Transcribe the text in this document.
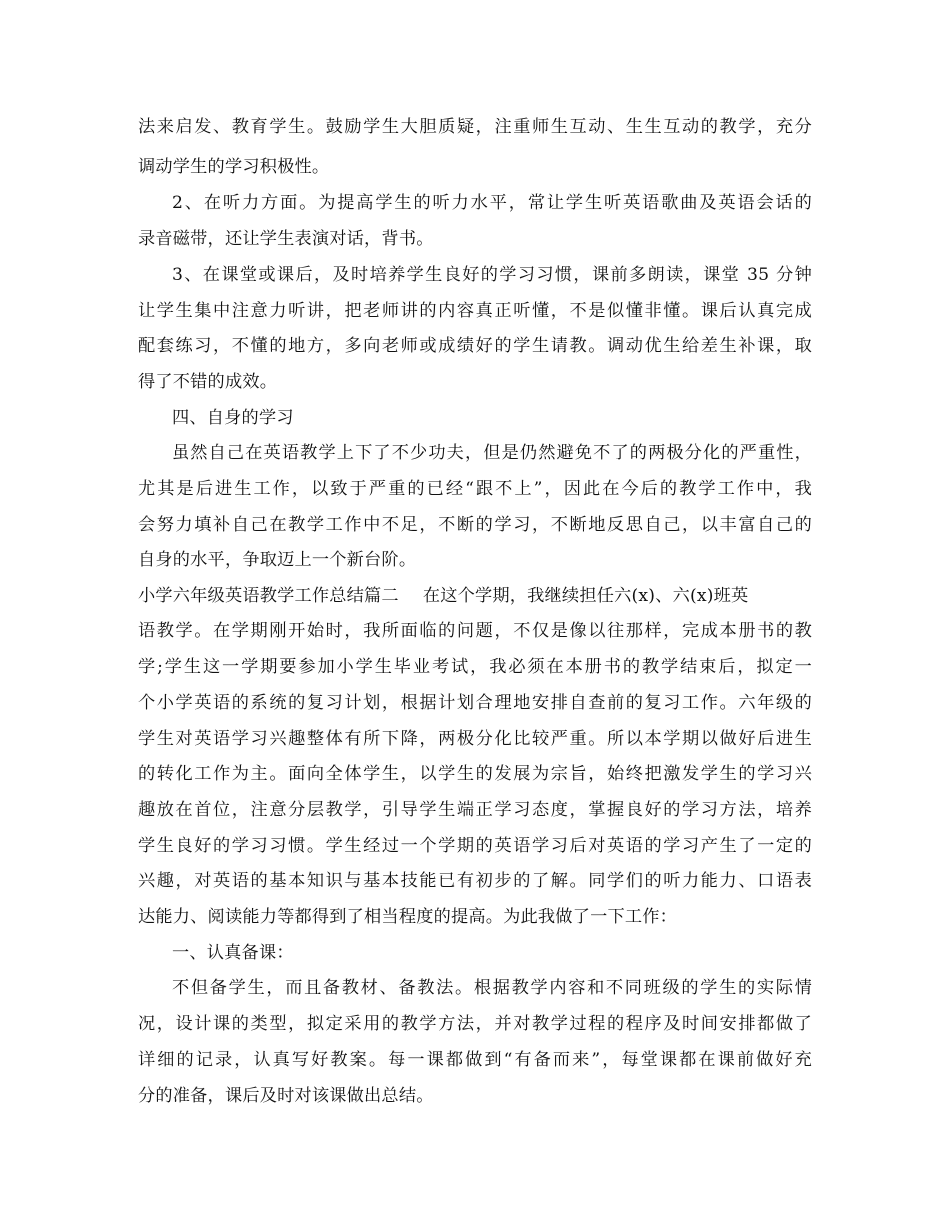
法来启发、教育学生。鼓励学生大胆质疑，注重师生互动、生生互动的教学，充分
调动学生的学习积极性。
2、在听力方面。为提高学生的听力水平，常让学生听英语歌曲及英语会话的
录音磁带，还让学生表演对话，背书。
3、在课堂或课后，及时培养学生良好的学习习惯，课前多朗读，课堂 35 分钟
让学生集中注意力听讲，把老师讲的内容真正听懂，不是似懂非懂。课后认真完成
配套练习，不懂的地方，多向老师或成绩好的学生请教。调动优生给差生补课，取
得了不错的成效。
四、自身的学习
虽然自己在英语教学上下了不少功夫，但是仍然避免不了的两极分化的严重性，
尤其是后进生工作，以致于严重的已经“跟不上”，因此在今后的教学工作中，我
会努力填补自己在教学工作中不足，不断的学习，不断地反思自己，以丰富自己的
自身的水平，争取迈上一个新台阶。
小学六年级英语教学工作总结篇二 在这个学期，我继续担任六(x)、六(x)班英
语教学。在学期刚开始时，我所面临的问题，不仅是像以往那样，完成本册书的教
学;学生这一学期要参加小学生毕业考试，我必须在本册书的教学结束后，拟定一
个小学英语的系统的复习计划，根据计划合理地安排自查前的复习工作。六年级的
学生对英语学习兴趣整体有所下降，两极分化比较严重。所以本学期以做好后进生
的转化工作为主。面向全体学生，以学生的发展为宗旨，始终把激发学生的学习兴
趣放在首位，注意分层教学，引导学生端正学习态度，掌握良好的学习方法，培养
学生良好的学习习惯。学生经过一个学期的英语学习后对英语的学习产生了一定的
兴趣，对英语的基本知识与基本技能已有初步的了解。同学们的听力能力、口语表
达能力、阅读能力等都得到了相当程度的提高。为此我做了一下工作：
一、认真备课：
不但备学生，而且备教材、备教法。根据教学内容和不同班级的学生的实际情
况，设计课的类型，拟定采用的教学方法，并对教学过程的程序及时间安排都做了
详细的记录，认真写好教案。每一课都做到“有备而来”，每堂课都在课前做好充
分的准备，课后及时对该课做出总结。
